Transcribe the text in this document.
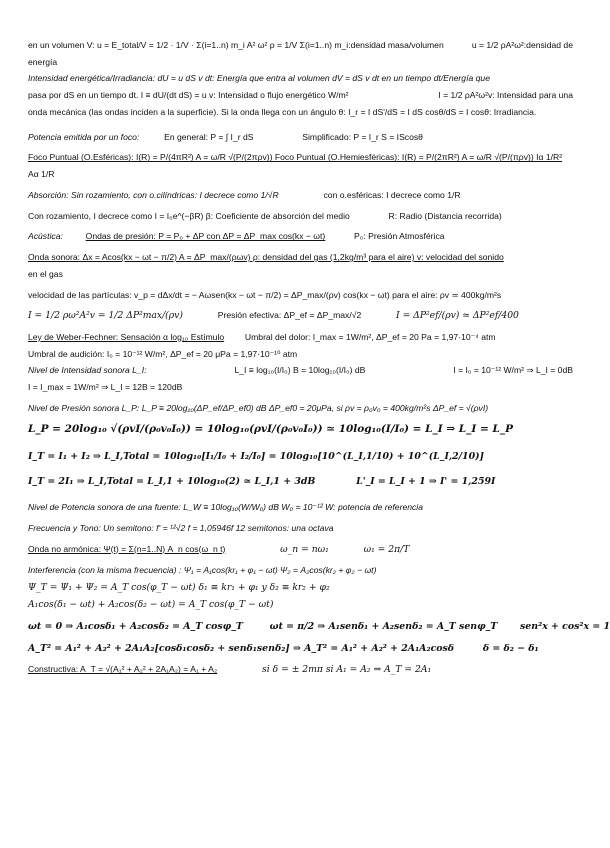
en un volumen V: u = E_total/V = 1/2 · 1/V · Σ(i=1..n) m_i A² ω² ρ = 1/V Σ(i=1..n) m_i:densidad masa/volumen	u = 1/2 ρA²ω²:densidad de
energía
Intensidad energética/Irradiancia: dU = u dS v dt: Energía que entra al volumen dV = dS v dt en un tiempo dt/Energía que
pasa por dS en un tiempo dt. I ≡ dU/(dt dS) = u v: Intensidad o flujo energético W/m²	I = 1/2 ρA²ω²v: Intensidad para una
onda mecánica (las ondas inciden a la superficie). Si la onda llega con un ángulo θ: I_r = I dS'/dS = I dS cosθ/dS = I cosθ: Irradiancia.
Potencia emitida por un foco:	En general: P = ∫ I_r dS	Simplificado: P = I_r S = IScosθ
Foco Puntual (O.Esféricas): I(R) = P/(4πR²) A = ω/R √(P/(2πρv)) Foco Puntual (O.Hemiesféricas): I(R) = P/(2πR²) A = ω/R √(P/(πρv)) Iα 1/R²
Aα 1/R
Absorción: Sin rozamiento, con o.cilíndricas: I decrece como 1/√R	con o.esféricas: I decrece como 1/R
Con rozamiento, I decrece como I = I₀e^(−βR) β: Coeficiente de absorción del medio	R: Radio (Distancia recorrida)
Acústica:	Ondas de presión: P = P₀ + ΔP con ΔP = ΔP_max cos(kx − ωt)	P₀: Presión Atmosférica
Onda sonora: Δx = Acos(kx − ωt − π/2) A = ΔP_max/(ρωv) ρ: densidad del gas (1,2kg/m³ para el aire) v: velocidad del sonido
en el gas
velocidad de las partículas: v_p = dΔx/dt = − Aωsen(kx − ωt − π/2) = ΔP_max/(ρv) cos(kx − ωt) para el aire: ρv ≃ 400kg/m²s
I = 1/2 ρω²A²v = 1/2 ΔP²max/(ρv)	Presión efectiva: ΔP_ef = ΔP_max/√2	I = ΔP²ef/(ρv) ≃ ΔP²ef/400
Ley de Weber-Fechner: Sensación α log₁₀ Estímulo Umbral del dolor: I_max = 1W/m², ΔP_ef = 20 Pa = 1,97·10⁻⁴ atm
Umbral de audición: I₀ = 10⁻¹² W/m², ΔP_ef = 20 μPa = 1,97·10⁻¹⁰ atm
Nivel de Intensidad sonora L_I:	L_I ≡ log₁₀(I/I₀) B = 10log₁₀(I/I₀) dB	I = I₀ = 10⁻¹² W/m² ⇒ L_I = 0dB
I = I_max = 1W/m² ⇒ L_I = 12B = 120dB
Nivel de Presión sonora L_P: L_P ≡ 20log₁₀(ΔP_ef/ΔP_ef0) dB ΔP_ef0 = 20μPa, si ρv = ρ₀v₀ = 400kg/m²s ΔP_ef = √(ρvI)
L_P = 20log₁₀ √(ρvI/(ρ₀v₀I₀)) = 10log₁₀(ρvI/(ρ₀v₀I₀)) ≃ 10log₁₀(I/I₀) = L_I ⇒ L_I = L_P
I_T = I₁ + I₂ ⇒ L_I,Total = 10log₁₀[I₁/I₀ + I₂/I₀] = 10log₁₀[10^(L_I,1/10) + 10^(L_I,2/10)]
I_T = 2I₁ ⇒ L_I,Total = L_I,1 + 10log₁₀(2) ≃ L_I,1 + 3dB	L'_I = L_I + 1 ⇒ I' = 1,259I
Nivel de Potencia sonora de una fuente: L_W ≡ 10log₁₀(W/W₀) dB W₀ = 10⁻¹² W: potencia de referencia
Frecuencia y Tono: Un semitono: f' = ¹²√2 f = 1,05946f 12 semitonos: una octava
Onda no armónica: Ψ(t) = Σ(n=1..N) A_n cos(ω_n t)	ω_n = nω₁	ω₁ = 2π/T
Interferencia (con la misma frecuencia) : Ψ₁ = A₁cos(kr₁ + φ₁ − ωt) Ψ₂ = A₂cos(kr₂ + φ₂ − ωt)
Ψ_T = Ψ₁ + Ψ₂ = A_T cos(φ_T − ωt) δ₁ ≡ kr₁ + φ₁ y δ₂ ≡ kr₂ + φ₂
A₁cos(δ₁ − ωt) + A₂cos(δ₂ − ωt) = A_T cos(φ_T − ωt)
ωt = 0 ⇒ A₁cosδ₁ + A₂cosδ₂ = A_T cosφ_T	ωt = π/2 ⇒ A₁senδ₁ + A₂senδ₂ = A_T senφ_T sen²x + cos²x = 1
A_T² = A₁² + A₂² + 2A₁A₂[cosδ₁cosδ₂ + senδ₁senδ₂] ⇒ A_T² = A₁² + A₂² + 2A₁A₂cosδ	δ = δ₂ − δ₁
Constructiva: A_T = √(A₁² + A₂² + 2A₁A₂) = A₁ + A₂	si δ = ± 2mπ si A₁ = A₂ ⇒ A_T = 2A₁
